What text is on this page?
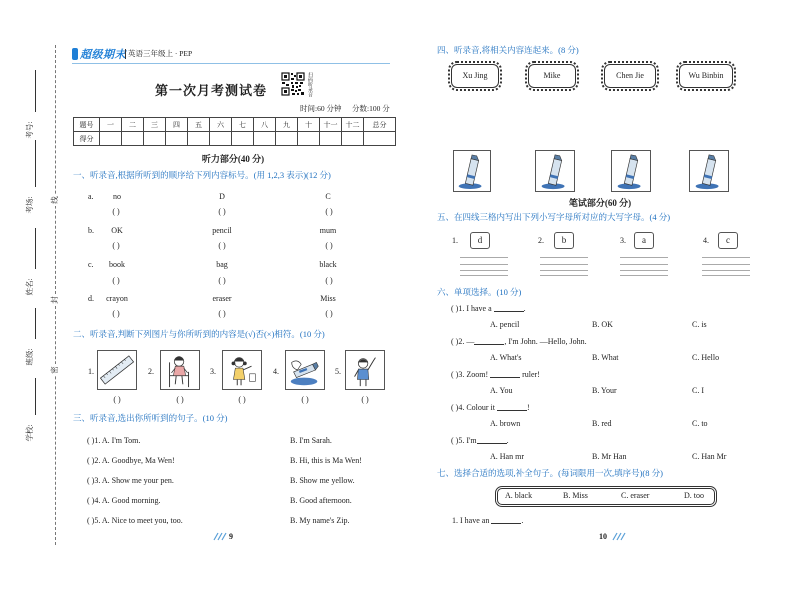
考号:
考场:
姓名:
班级:
学校:
线
封
密
超级期末 英语三年级上 · PEP
第一次月考测试卷	扫码听录音
时间:60 分钟 分数:100 分
题号	一	二	三	四	五	六	七	八	九	十	十一	十二	总分
得分													
听力部分(40 分)
一、听录音,根据所听到的顺序给下列内容标号。(用 1,2,3 表示)(12 分)
a.	no	D	C
( )	( )	( )
b.	OK	pencil	mum
( )	( )	( )
c.	book	bag	black
( )	( )	( )
d.	crayon	eraser	Miss
( )	( )	( )
二、听录音,判断下列图片与你所听到的内容是(√)否(×)相符。(10 分)
1.	2.	3.	4.	5.
( )	( )	( )	( )	( )
三、听录音,选出你所听到的句子。(10 分)
( )1. A. I'm Tom.	B. I'm Sarah.
( )2. A. Goodbye, Ma Wen!	B. Hi, this is Ma Wen!
( )3. A. Show me your pen.	B. Show me yellow.
( )4. A. Good morning.	B. Good afternoon.
( )5. A. Nice to meet you, too.	B. My name's Zip.
9
四、听录音,将相关内容连起来。(8 分)
Xu Jing	Mike	Chen Jie	Wu Binbin
笔试部分(60 分)
五、在四线三格内写出下列小写字母所对应的大写字母。(4 分)
1.	d	2.	b	3.	a	4.	c
六、单项选择。(10 分)
( )1. I have a	.
A. pencil	B. OK	C. is
( )2. —	, I'm John. —Hello, John.
A. What's	B. What	C. Hello
( )3. Zoom!	ruler!
A. You	B. Your	C. I
( )4. Colour it	!
A. brown	B. red	C. to
( )5. I'm	.
A. Han mr	B. Mr Han	C. Han Mr
七、选择合适的选项,补全句子。(每词限用一次,填序号)(8 分)
A. black	B. Miss	C. eraser	D. too
1. I have an	.
10
